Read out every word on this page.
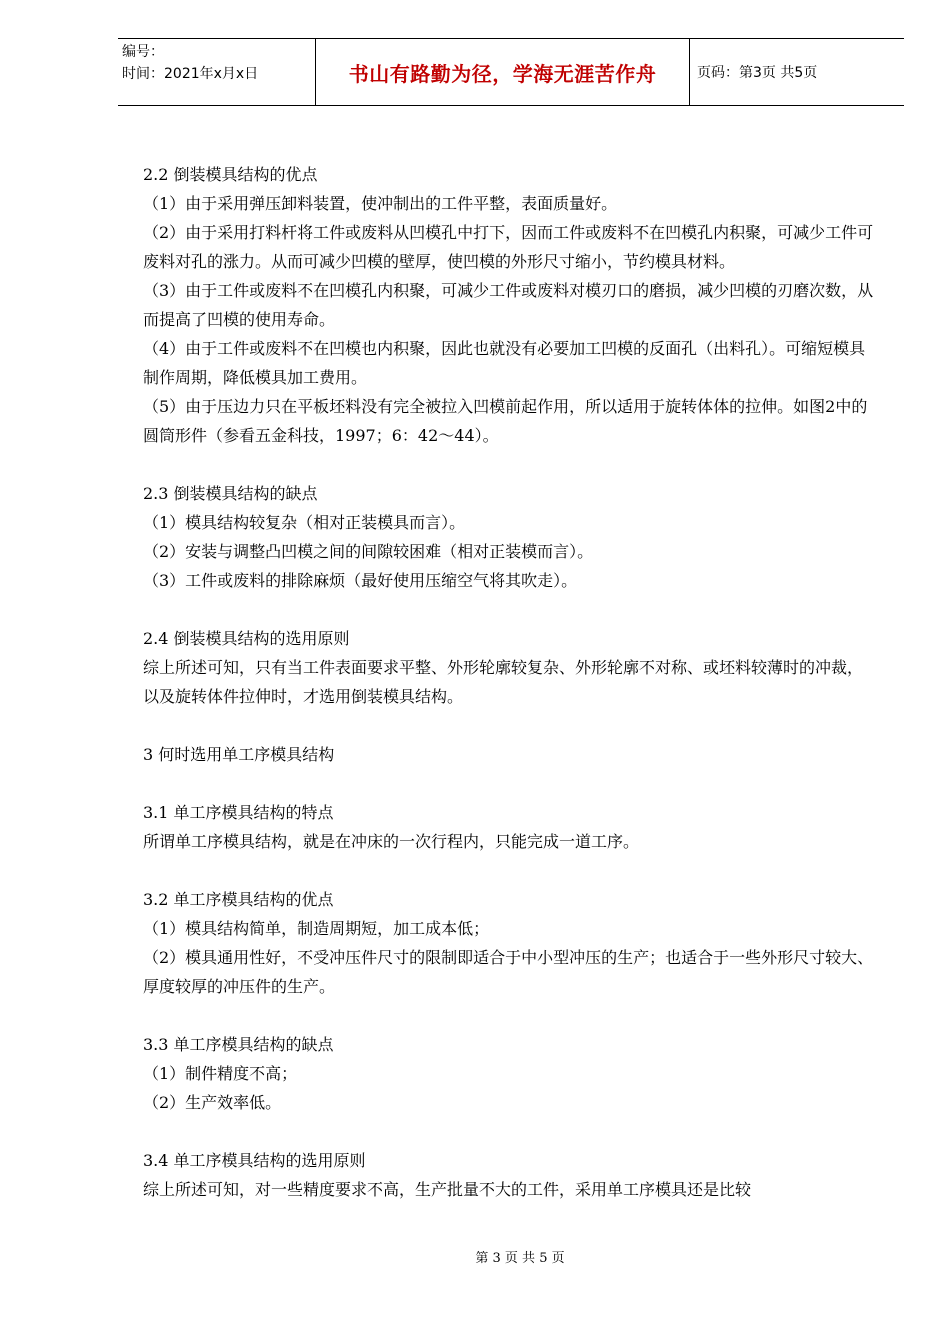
编号：
时间：2021年x月x日	书山有路勤为径，学海无涯苦作舟	页码：第3页 共5页

2.2 倒装模具结构的优点

（1）由于采用弹压卸料装置，使冲制出的工件平整，表面质量好。

（2）由于采用打料杆将工件或废料从凹模孔中打下，因而工件或废料不在凹模孔内积聚，可减少工件可废料对孔的涨力。从而可减少凹模的壁厚，使凹模的外形尺寸缩小，节约模具材料。

（3）由于工件或废料不在凹模孔内积聚，可减少工件或废料对模刃口的磨损，减少凹模的刃磨次数，从而提高了凹模的使用寿命。

（4）由于工件或废料不在凹模也内积聚，因此也就没有必要加工凹模的反面孔（出料孔）。可缩短模具制作周期，降低模具加工费用。

（5）由于压边力只在平板坯料没有完全被拉入凹模前起作用，所以适用于旋转体体的拉伸。如图2中的圆筒形件（参看五金科技，1997；6：42～44）。

2.3 倒装模具结构的缺点

（1）模具结构较复杂（相对正装模具而言）。

（2）安装与调整凸凹模之间的间隙较困难（相对正装模而言）。

（3）工件或废料的排除麻烦（最好使用压缩空气将其吹走）。

2.4 倒装模具结构的选用原则

综上所述可知，只有当工件表面要求平整、外形轮廓较复杂、外形轮廓不对称、或坯料较薄时的冲裁，以及旋转体件拉伸时，才选用倒装模具结构。

3 何时选用单工序模具结构

3.1 单工序模具结构的特点

所谓单工序模具结构，就是在冲床的一次行程内，只能完成一道工序。

3.2 单工序模具结构的优点

（1）模具结构简单，制造周期短，加工成本低；

（2）模具通用性好，不受冲压件尺寸的限制即适合于中小型冲压的生产；也适合于一些外形尺寸较大、厚度较厚的冲压件的生产。

3.3 单工序模具结构的缺点

（1）制件精度不高；

（2）生产效率低。

3.4 单工序模具结构的选用原则

综上所述可知，对一些精度要求不高，生产批量不大的工件，采用单工序模具还是比较

第 3 页 共 5 页
